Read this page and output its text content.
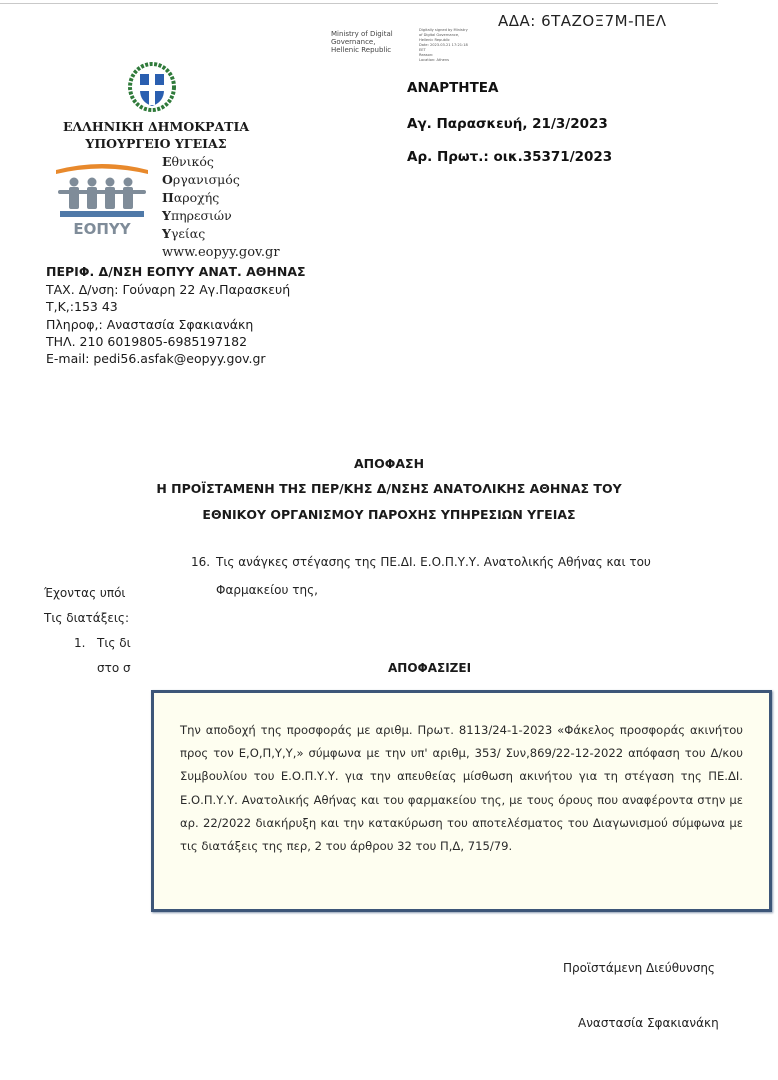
Ministry of Digital
Governance,
Hellenic Republic
Digitally signed by Ministry
of Digital Governance,
Hellenic Republic
Date: 2023.03.21 17:21:18
EET
Reason:
Location: Athens
ΑΔΑ: 6ΤΑΖΟΞ7Μ-ΠΕΛ
ΑΝΑΡΤΗΤΕΑ
Αγ. Παρασκευή, 21/3/2023
Αρ. Πρωτ.: οικ.35371/2023
ΕΛΛΗΝΙΚΗ ΔΗΜΟΚΡΑΤΙΑ
ΥΠΟΥΡΓΕΙΟ ΥΓΕΙΑΣ
ΕΟΠΥΥ
Εθνικός
Οργανισμός
Παροχής
Υπηρεσιών
Υγείας
www.eopyy.gov.gr
ΠΕΡΙΦ. Δ/ΝΣΗ ΕΟΠΥΥ ΑΝΑΤ. ΑΘΗΝΑΣ
ΤΑΧ. Δ/νση: Γούναρη 22 Αγ.Παρασκευή
Τ,Κ,:153 43
Πληροφ,: Αναστασία Σφακιανάκη
ΤΗΛ. 210 6019805-6985197182
E-mail: pedi56.asfak@eopyy.gov.gr
ΑΠΟΦΑΣΗ
Η ΠΡΟΪΣΤΑΜΕΝΗ ΤΗΣ ΠΕΡ/ΚΗΣ Δ/ΝΣΗΣ ΑΝΑΤΟΛΙΚΗΣ ΑΘΗΝΑΣ ΤΟΥ
ΕΘΝΙΚΟΥ ΟΡΓΑΝΙΣΜΟΥ ΠΑΡΟΧΗΣ ΥΠΗΡΕΣΙΩΝ ΥΓΕΙΑΣ
16. Τις ανάγκες στέγασης της ΠΕ.ΔΙ. Ε.Ο.Π.Υ.Υ. Ανατολικής Αθήνας και του
Φαρμακείου της,
Έχοντας υπόι
Τις διατάξεις:
1. Τις δι
στο σ	ΑΠΟΦΑΣΙΖΕΙ
Την αποδοχή της προσφοράς με αριθμ. Πρωτ. 8113/24-1-2023 «Φάκελος προσφοράς ακινήτου προς τον Ε,Ο,Π,Υ,Υ,» σύμφωνα με την υπ' αριθμ, 353/ Συν,869/22-12-2022 απόφαση του Δ/κου Συμβουλίου του Ε.Ο.Π.Υ.Υ. για την απευθείας μίσθωση ακινήτου για τη στέγαση της ΠΕ.ΔΙ. Ε.Ο.Π.Υ.Υ. Ανατολικής Αθήνας και του φαρμακείου της, με τους όρους που αναφέροντα στην με αρ. 22/2022 διακήρυξη και την κατακύρωση του αποτελέσματος του Διαγωνισμού σύμφωνα με τις διατάξεις της περ, 2 του άρθρου 32 του Π,Δ, 715/79.
Προϊστάμενη Διεύθυνσης
Αναστασία Σφακιανάκη
